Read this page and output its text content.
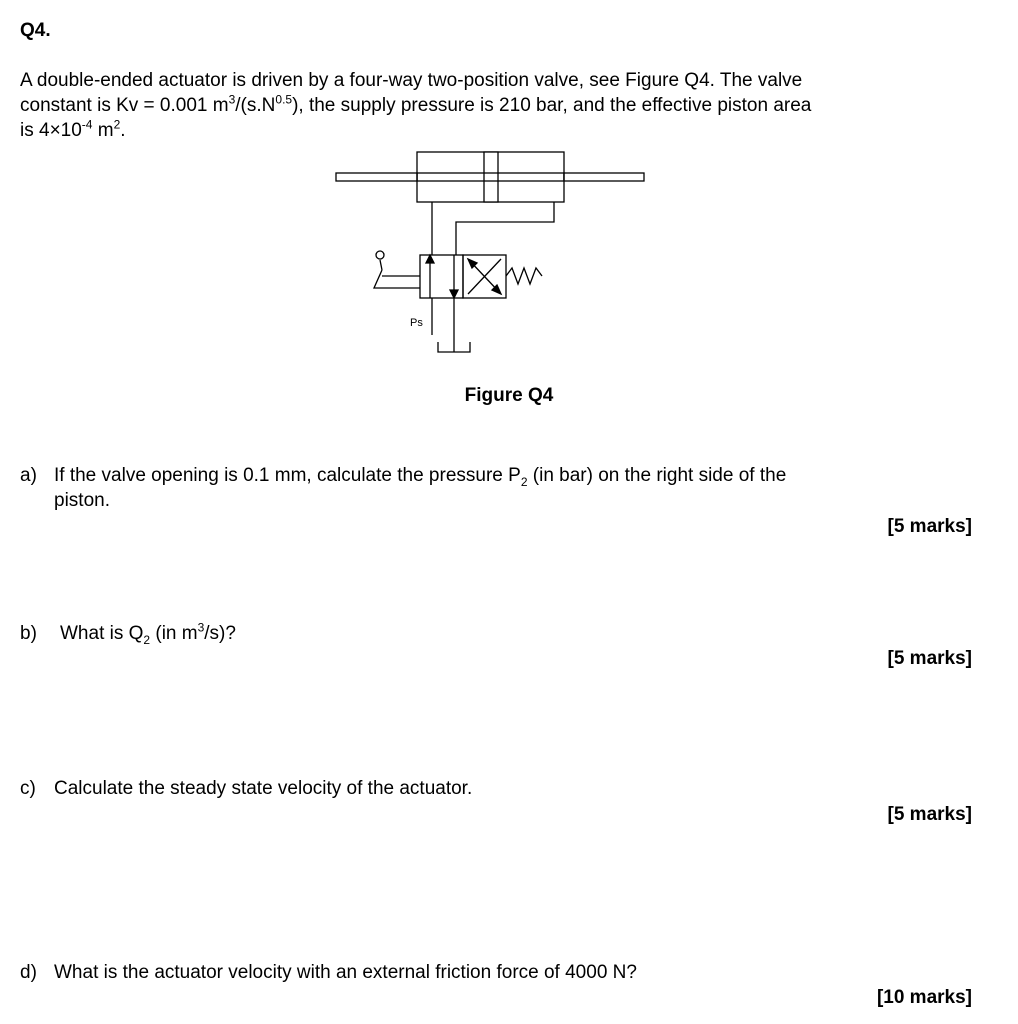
Q4.
A double-ended actuator is driven by a four-way two-position valve, see Figure Q4. The valve
constant is Kv = 0.001 $m^3/(s.N^{0.5})$, the supply pressure is 210 bar, and the effective piston area
is $4\times 10^{-4}$ $m^2$.
Ps
Figure Q4
a) If the valve opening is 0.1 mm, calculate the pressure $P_2$ (in bar) on the right side of the
piston.
[5 marks]
b) What is $Q_2$ (in $m^3/s$)?
[5 marks]
c) Calculate the steady state velocity of the actuator.
[5 marks]
d) What is the actuator velocity with an external friction force of 4000 N?
[10 marks]
